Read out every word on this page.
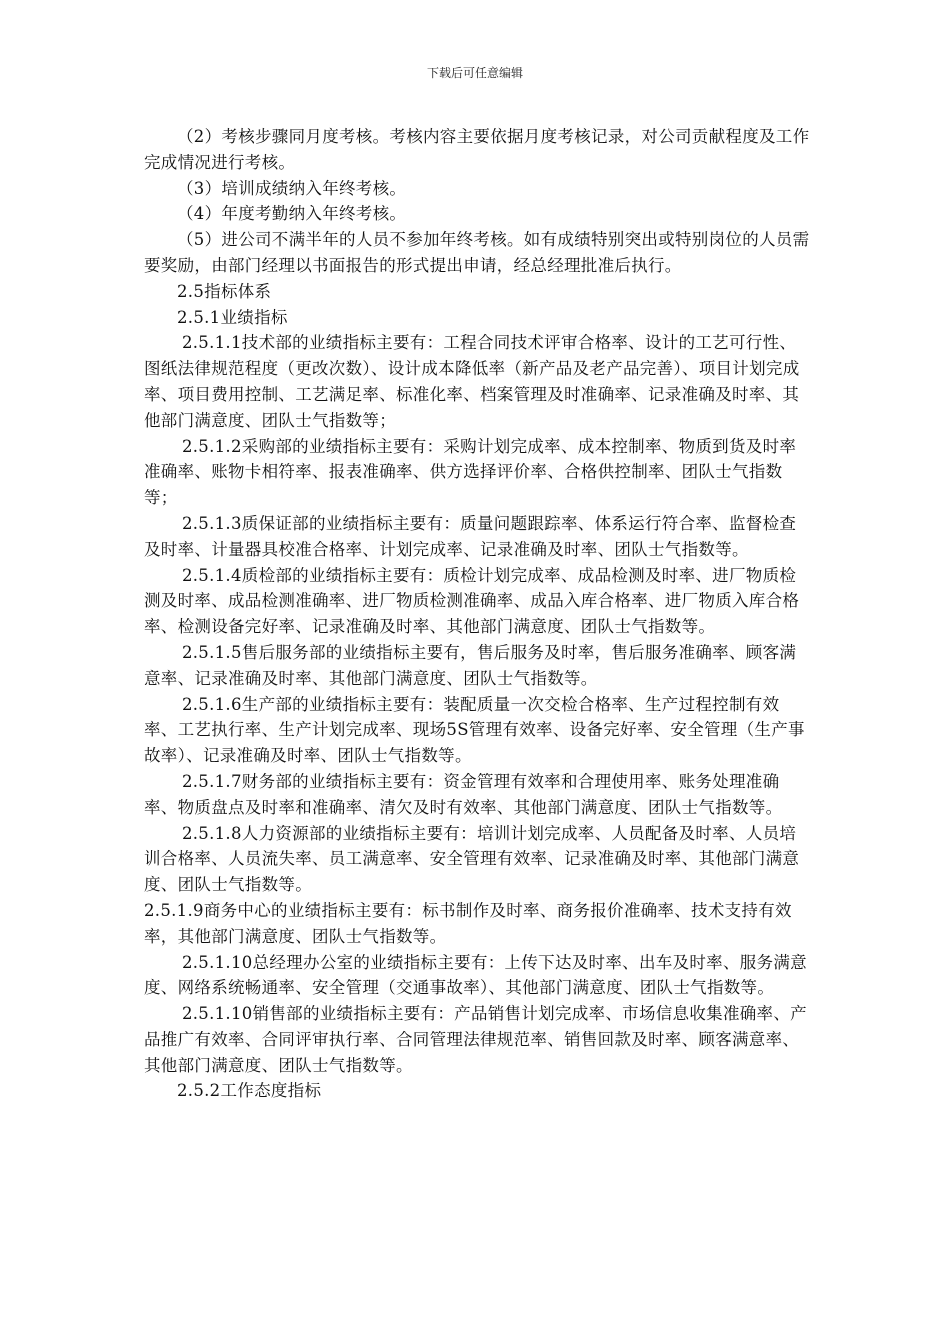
下载后可任意编辑

（2）考核步骤同月度考核。考核内容主要依据月度考核记录，对公司贡献程度及工作完成情况进行考核。

（3）培训成绩纳入年终考核。

（4）年度考勤纳入年终考核。

（5）进公司不满半年的人员不参加年终考核。如有成绩特别突出或特别岗位的人员需要奖励，由部门经理以书面报告的形式提出申请，经总经理批准后执行。

2.5指标体系

2.5.1业绩指标

2.5.1.1技术部的业绩指标主要有：工程合同技术评审合格率、设计的工艺可行性、图纸法律规范程度（更改次数）、设计成本降低率（新产品及老产品完善）、项目计划完成率、项目费用控制、工艺满足率、标准化率、档案管理及时准确率、记录准确及时率、其他部门满意度、团队士气指数等；

2.5.1.2采购部的业绩指标主要有：采购计划完成率、成本控制率、物质到货及时率准确率、账物卡相符率、报表准确率、供方选择评价率、合格供控制率、团队士气指数等；

2.5.1.3质保证部的业绩指标主要有：质量问题跟踪率、体系运行符合率、监督检查及时率、计量器具校准合格率、计划完成率、记录准确及时率、团队士气指数等。

2.5.1.4质检部的业绩指标主要有：质检计划完成率、成品检测及时率、进厂物质检测及时率、成品检测准确率、进厂物质检测准确率、成品入库合格率、进厂物质入库合格率、检测设备完好率、记录准确及时率、其他部门满意度、团队士气指数等。

2.5.1.5售后服务部的业绩指标主要有，售后服务及时率，售后服务准确率、顾客满意率、记录准确及时率、其他部门满意度、团队士气指数等。

2.5.1.6生产部的业绩指标主要有：装配质量一次交检合格率、生产过程控制有效率、工艺执行率、生产计划完成率、现场5S管理有效率、设备完好率、安全管理（生产事故率）、记录准确及时率、团队士气指数等。

2.5.1.7财务部的业绩指标主要有：资金管理有效率和合理使用率、账务处理准确率、物质盘点及时率和准确率、清欠及时有效率、其他部门满意度、团队士气指数等。

2.5.1.8人力资源部的业绩指标主要有：培训计划完成率、人员配备及时率、人员培训合格率、人员流失率、员工满意率、安全管理有效率、记录准确及时率、其他部门满意度、团队士气指数等。

2.5.1.9商务中心的业绩指标主要有：标书制作及时率、商务报价准确率、技术支持有效率，其他部门满意度、团队士气指数等。

2.5.1.10总经理办公室的业绩指标主要有：上传下达及时率、出车及时率、服务满意度、网络系统畅通率、安全管理（交通事故率）、其他部门满意度、团队士气指数等。

2.5.1.10销售部的业绩指标主要有：产品销售计划完成率、市场信息收集准确率、产品推广有效率、合同评审执行率、合同管理法律规范率、销售回款及时率、顾客满意率、其他部门满意度、团队士气指数等。

2.5.2工作态度指标
